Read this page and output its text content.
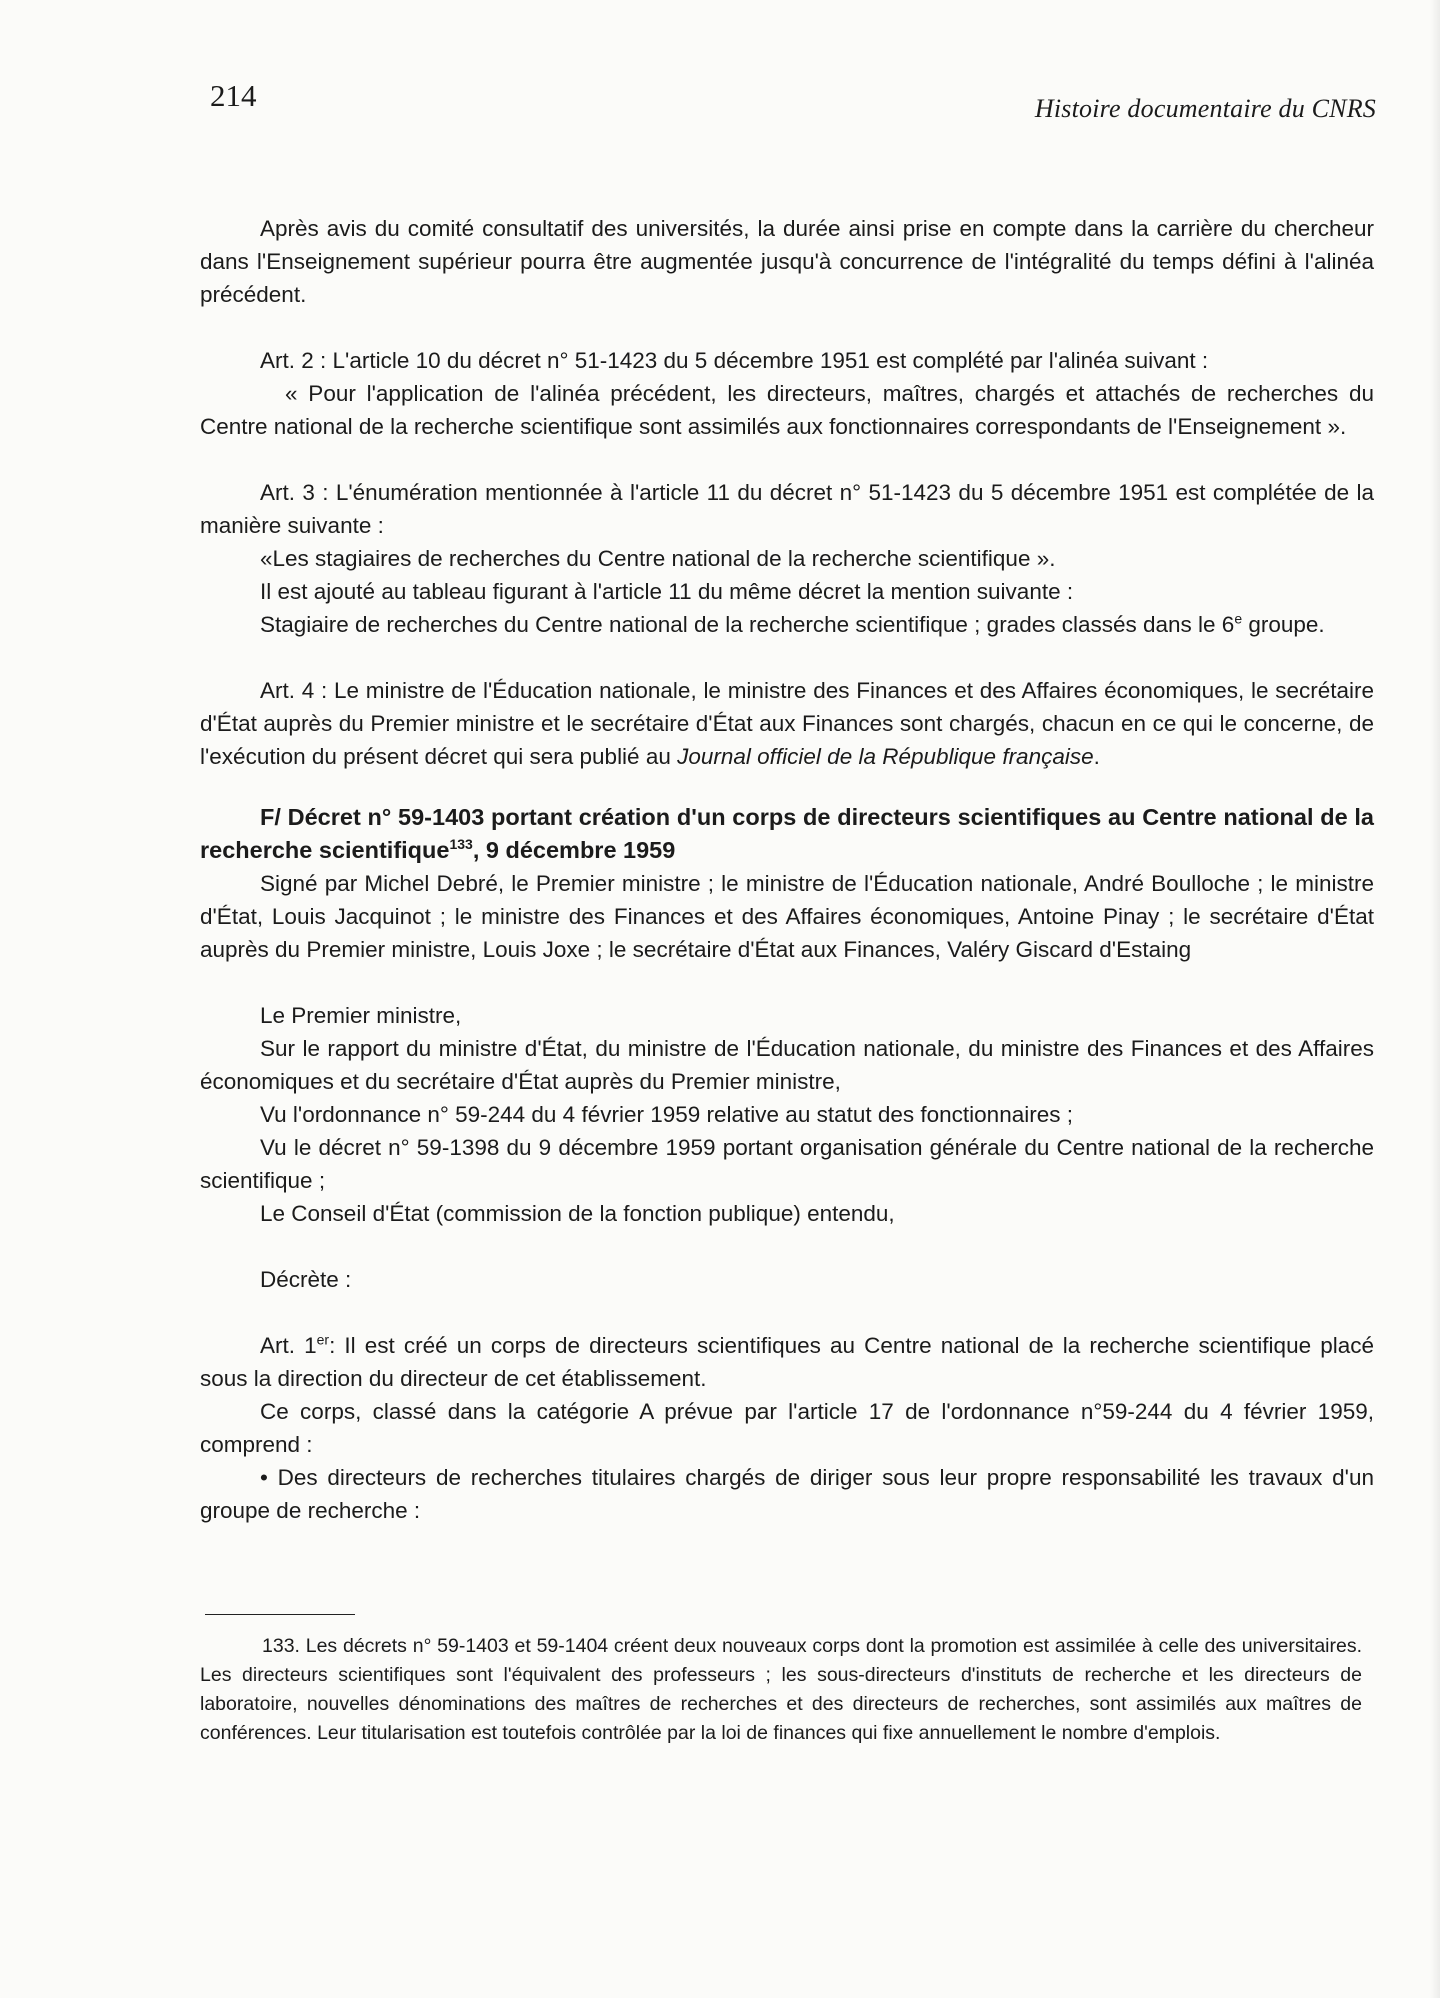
214	Histoire documentaire du CNRS

Après avis du comité consultatif des universités, la durée ainsi prise en compte dans la carrière du chercheur dans l'Enseignement supérieur pourra être augmentée jusqu'à concurrence de l'intégralité du temps défini à l'alinéa précédent.

Art. 2 : L'article 10 du décret n° 51-1423 du 5 décembre 1951 est complété par l'alinéa suivant :

« Pour l'application de l'alinéa précédent, les directeurs, maîtres, chargés et attachés de recherches du Centre national de la recherche scientifique sont assimilés aux fonctionnaires correspondants de l'Enseignement ».

Art. 3 : L'énumération mentionnée à l'article 11 du décret n° 51-1423 du 5 décembre 1951 est complétée de la manière suivante :

«Les stagiaires de recherches du Centre national de la recherche scientifique ».

Il est ajouté au tableau figurant à l'article 11 du même décret la mention suivante :

Stagiaire de recherches du Centre national de la recherche scientifique ; grades classés dans le 6e groupe.

Art. 4 : Le ministre de l'Éducation nationale, le ministre des Finances et des Affaires économiques, le secrétaire d'État auprès du Premier ministre et le secrétaire d'État aux Finances sont chargés, chacun en ce qui le concerne, de l'exécution du présent décret qui sera publié au Journal officiel de la République française.

F/ Décret n° 59-1403 portant création d'un corps de directeurs scientifiques au Centre national de la recherche scientifique$^{133}$, 9 décembre 1959

Signé par Michel Debré, le Premier ministre ; le ministre de l'Éducation nationale, André Boulloche ; le ministre d'État, Louis Jacquinot ; le ministre des Finances et des Affaires économiques, Antoine Pinay ; le secrétaire d'État auprès du Premier ministre, Louis Joxe ; le secrétaire d'État aux Finances, Valéry Giscard d'Estaing

Le Premier ministre,

Sur le rapport du ministre d'État, du ministre de l'Éducation nationale, du ministre des Finances et des Affaires économiques et du secrétaire d'État auprès du Premier ministre,

Vu l'ordonnance n° 59-244 du 4 février 1959 relative au statut des fonctionnaires ;

Vu le décret n° 59-1398 du 9 décembre 1959 portant organisation générale du Centre national de la recherche scientifique ;

Le Conseil d'État (commission de la fonction publique) entendu,

Décrète :

Art. 1er: Il est créé un corps de directeurs scientifiques au Centre national de la recherche scientifique placé sous la direction du directeur de cet établissement.

Ce corps, classé dans la catégorie A prévue par l'article 17 de l'ordonnance n°59-244 du 4 février 1959, comprend :

• Des directeurs de recherches titulaires chargés de diriger sous leur propre responsabilité les travaux d'un groupe de recherche :

133. Les décrets n° 59-1403 et 59-1404 créent deux nouveaux corps dont la promotion est assimilée à celle des universitaires. Les directeurs scientifiques sont l'équivalent des professeurs ; les sous-directeurs d'instituts de recherche et les directeurs de laboratoire, nouvelles dénominations des maîtres de recherches et des directeurs de recherches, sont assimilés aux maîtres de conférences. Leur titularisation est toutefois contrôlée par la loi de finances qui fixe annuellement le nombre d'emplois.
